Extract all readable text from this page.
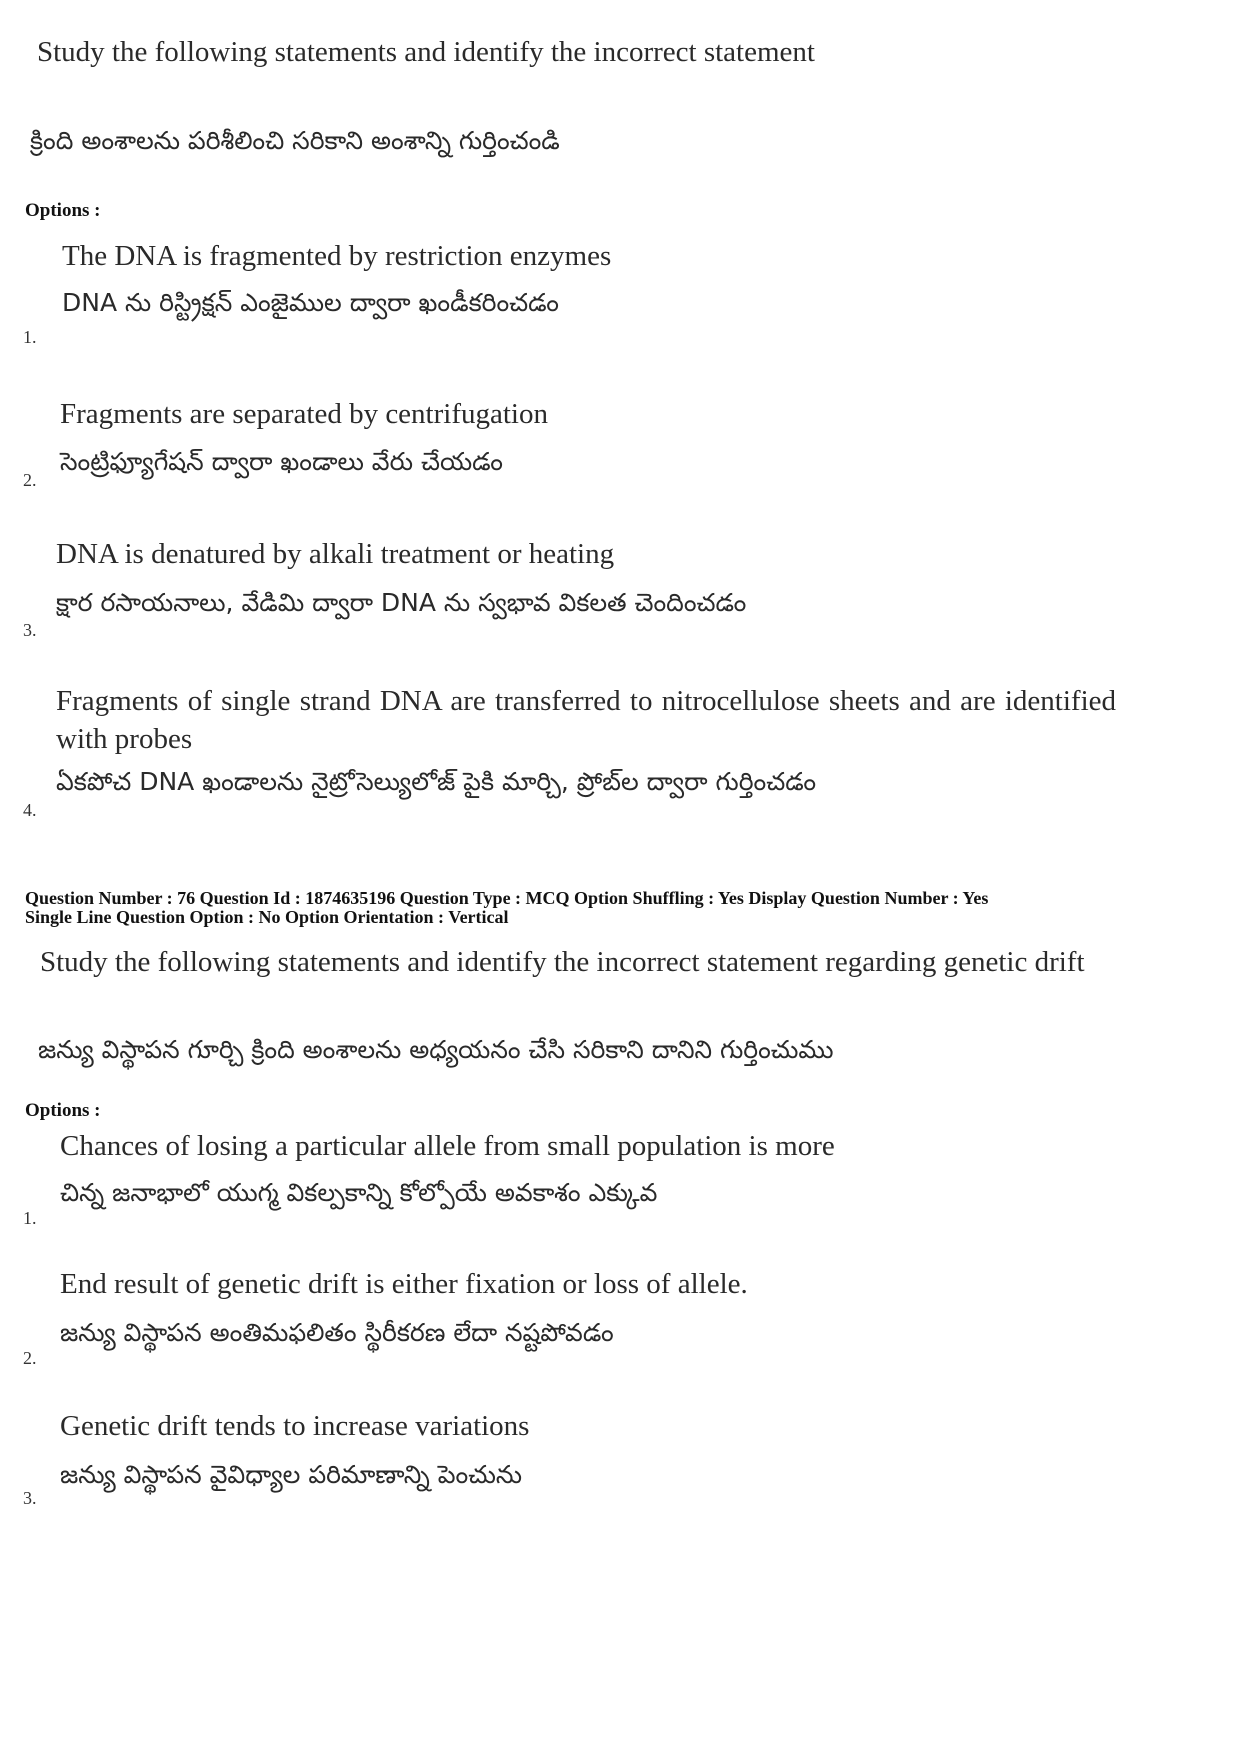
Study the following statements and identify the incorrect statement
క్రింది అంశాలను పరిశీలించి సరికాని అంశాన్ని గుర్తించండి
Options :
The DNA is fragmented by restriction enzymes
DNA ను రిస్ట్రిక్షన్ ఎంజైముల ద్వారా ఖండీకరించడం
1.
Fragments are separated by centrifugation
సెంట్రిఫ్యూగేషన్ ద్వారా ఖండాలు వేరు చేయడం
2.
DNA is denatured by alkali treatment or heating
క్షార రసాయనాలు, వేడిమి ద్వారా DNA ను స్వభావ వికలత చెందించడం
3.
Fragments of single strand DNA are transferred to nitrocellulose sheets and are identified with probes
ఏకపోచ DNA ఖండాలను నైట్రోసెల్యులోజ్ పైకి మార్చి, ప్రోబ్‌ల ద్వారా గుర్తించడం
4.
Question Number : 76 Question Id : 1874635196 Question Type : MCQ Option Shuffling : Yes Display Question Number : Yes
Single Line Question Option : No Option Orientation : Vertical
Study the following statements and identify the incorrect statement regarding genetic drift
జన్యు విస్థాపన గూర్చి క్రింది అంశాలను అధ్యయనం చేసి సరికాని దానిని గుర్తించుము
Options :
Chances of losing a particular allele from small population is more
చిన్న జనాభాలో యుగ్మ వికల్పకాన్ని కోల్పోయే అవకాశం ఎక్కువ
1.
End result of genetic drift is either fixation or loss of allele.
జన్యు విస్థాపన అంతిమఫలితం స్థిరీకరణ లేదా నష్టపోవడం
2.
Genetic drift tends to increase variations
జన్యు విస్థాపన వైవిధ్యాల పరిమాణాన్ని పెంచును
3.
